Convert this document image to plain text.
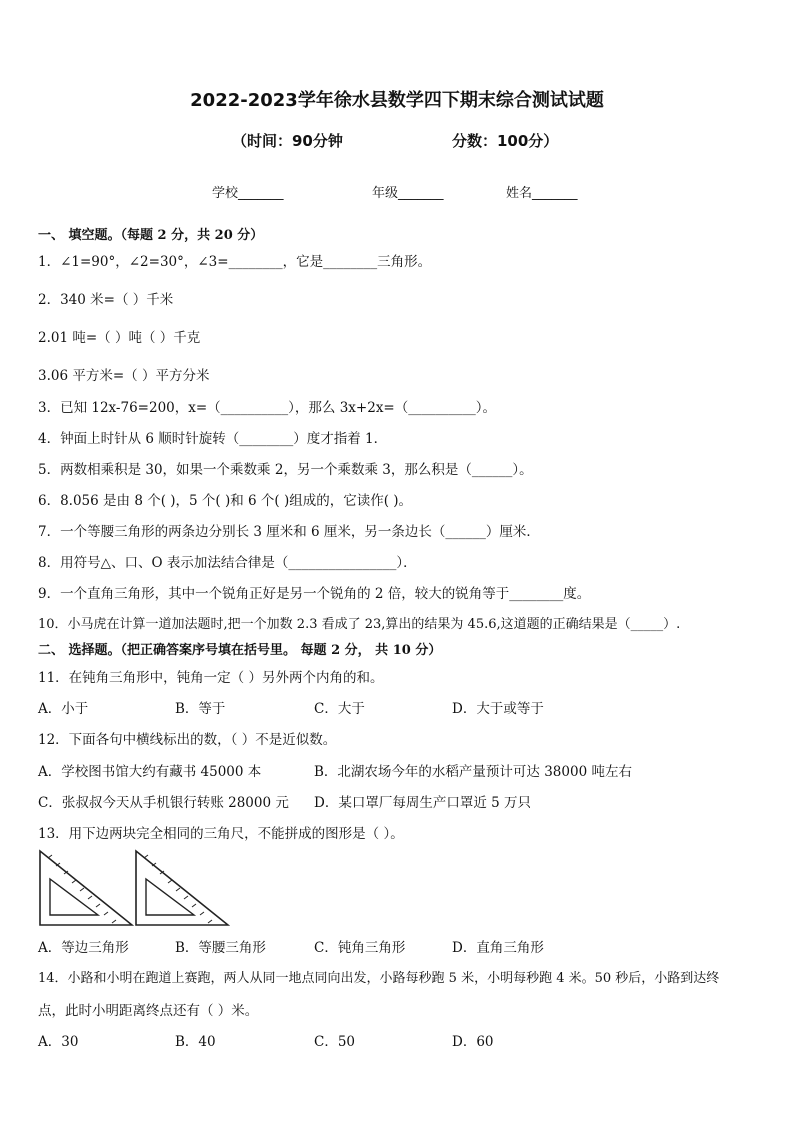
2022-2023学年徐水县数学四下期末综合测试试题
（时间：90分钟	分数：100分）
学校_______	年级_______	姓名_______
一、 填空题。（每题 2 分，共 20 分）
1．∠1=90°，∠2=30°，∠3=________，它是________三角形。
2．340 米=（ ）千米
2.01 吨=（ ）吨（ ）千克
3.06 平方米=（ ）平方分米
3．已知 12x-76=200，x=（__________），那么 3x+2x=（__________）。
4．钟面上时针从 6 顺时针旋转（________）度才指着 1．
5．两数相乘积是 30，如果一个乘数乘 2，另一个乘数乘 3，那么积是（______）。
6．8.056 是由 8 个( )，5 个( )和 6 个( )组成的，它读作( )。
7．一个等腰三角形的两条边分别长 3 厘米和 6 厘米，另一条边长（______）厘米．
8．用符号△、口、O 表示加法结合律是（________________）．
9．一个直角三角形，其中一个锐角正好是另一个锐角的 2 倍，较大的锐角等于________度。
10．小马虎在计算一道加法题时,把一个加数 2.3 看成了 23,算出的结果为 45.6,这道题的正确结果是（_____）.
二、 选择题。（把正确答案序号填在括号里。 每题 2 分， 共 10 分）
11．在钝角三角形中，钝角一定（ ）另外两个内角的和。
A．小于	B．等于	C．大于	D．大于或等于
12．下面各句中横线标出的数，（ ）不是近似数。
A．学校图书馆大约有藏书 45000 本	B．北湖农场今年的水稻产量预计可达 38000 吨左右
C．张叔叔今天从手机银行转账 28000 元 D．某口罩厂每周生产口罩近 5 万只
13．用下边两块完全相同的三角尺，不能拼成的图形是（ ）。
A．等边三角形	B．等腰三角形	C．钝角三角形	D．直角三角形
14．小路和小明在跑道上赛跑，两人从同一地点同向出发，小路每秒跑 5 米，小明每秒跑 4 米。50 秒后，小路到达终
点，此时小明距离终点还有（ ）米。
A．30	B．40	C．50	D．60
